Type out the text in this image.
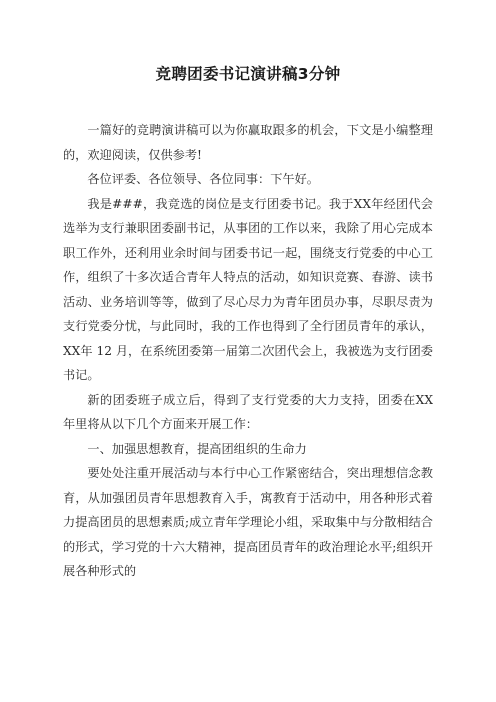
竞聘团委书记演讲稿3分钟

一篇好的竞聘演讲稿可以为你赢取跟多的机会，下文是小编整理的，欢迎阅读，仅供参考!

各位评委、各位领导、各位同事：下午好。

我是###，我竞选的岗位是支行团委书记。我于XX年经团代会选举为支行兼职团委副书记，从事团的工作以来，我除了用心完成本职工作外，还利用业余时间与团委书记一起，围绕支行党委的中心工作，组织了十多次适合青年人特点的活动，如知识竞赛、春游、读书活动、业务培训等等，做到了尽心尽力为青年团员办事，尽职尽责为支行党委分忧，与此同时，我的工作也得到了全行团员青年的承认，XX年 12 月，在系统团委第一届第二次团代会上，我被选为支行团委书记。

新的团委班子成立后，得到了支行党委的大力支持，团委在XX年里将从以下几个方面来开展工作：

一、加强思想教育，提高团组织的生命力

要处处注重开展活动与本行中心工作紧密结合，突出理想信念教育，从加强团员青年思想教育入手，寓教育于活动中，用各种形式着力提高团员的思想素质;成立青年学理论小组，采取集中与分散相结合的形式，学习党的十六大精神，提高团员青年的政治理论水平;组织开展各种形式的
